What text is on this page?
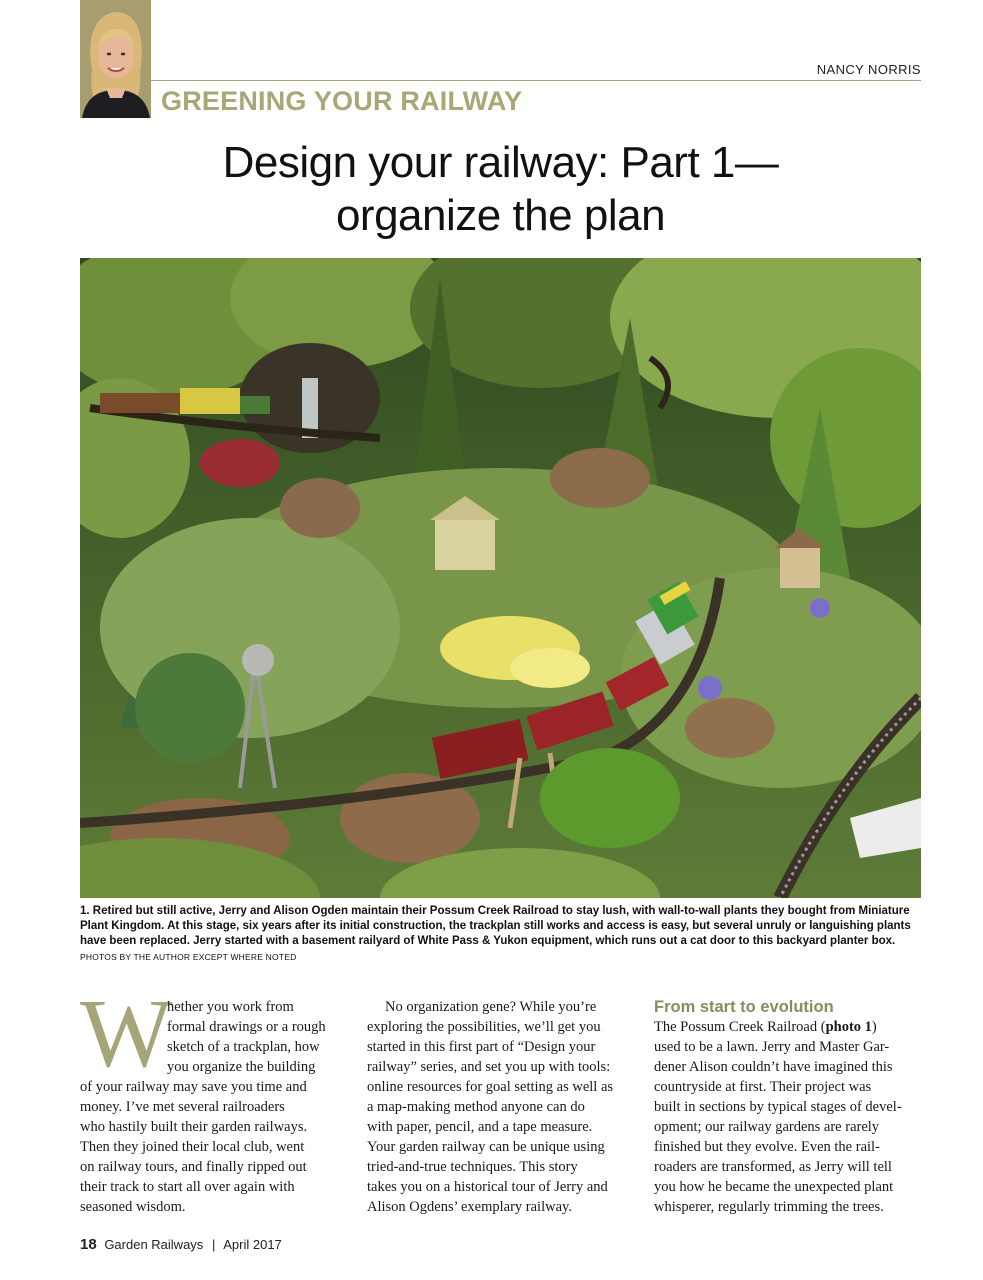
NANCY NORRIS
GREENING YOUR RAILWAY
Design your railway: Part 1—
organize the plan
1. Retired but still active, Jerry and Alison Ogden maintain their Possum Creek Railroad to stay lush, with wall-to-wall plants they bought from Miniature Plant Kingdom. At this stage, six years after its initial construction, the trackplan still works and access is easy, but several unruly or languishing plants have been replaced. Jerry started with a basement railyard of White Pass & Yukon equipment, which runs out a cat door to this backyard planter box. PHOTOS BY THE AUTHOR EXCEPT WHERE NOTED
W
hether you work from
formal drawings or a rough
sketch of a trackplan, how
you organize the building
of your railway may save you time and
money. I’ve met several railroaders
who hastily built their garden railways.
Then they joined their local club, went
on railway tours, and finally ripped out
their track to start all over again with
seasoned wisdom.
No organization gene? While you’re
exploring the possibilities, we’ll get you
started in this first part of “Design your
railway” series, and set you up with tools:
online resources for goal setting as well as
a map-making method anyone can do
with paper, pencil, and a tape measure.
Your garden railway can be unique using
tried-and-true techniques. This story
takes you on a historical tour of Jerry and
Alison Ogdens’ exemplary railway.
From start to evolution
The Possum Creek Railroad (photo 1)
used to be a lawn. Jerry and Master Gar-
dener Alison couldn’t have imagined this
countryside at first. Their project was
built in sections by typical stages of devel-
opment; our railway gardens are rarely
finished but they evolve. Even the rail-
roaders are transformed, as Jerry will tell
you how he became the unexpected plant
whisperer, regularly trimming the trees.
18 Garden Railways | April 2017
